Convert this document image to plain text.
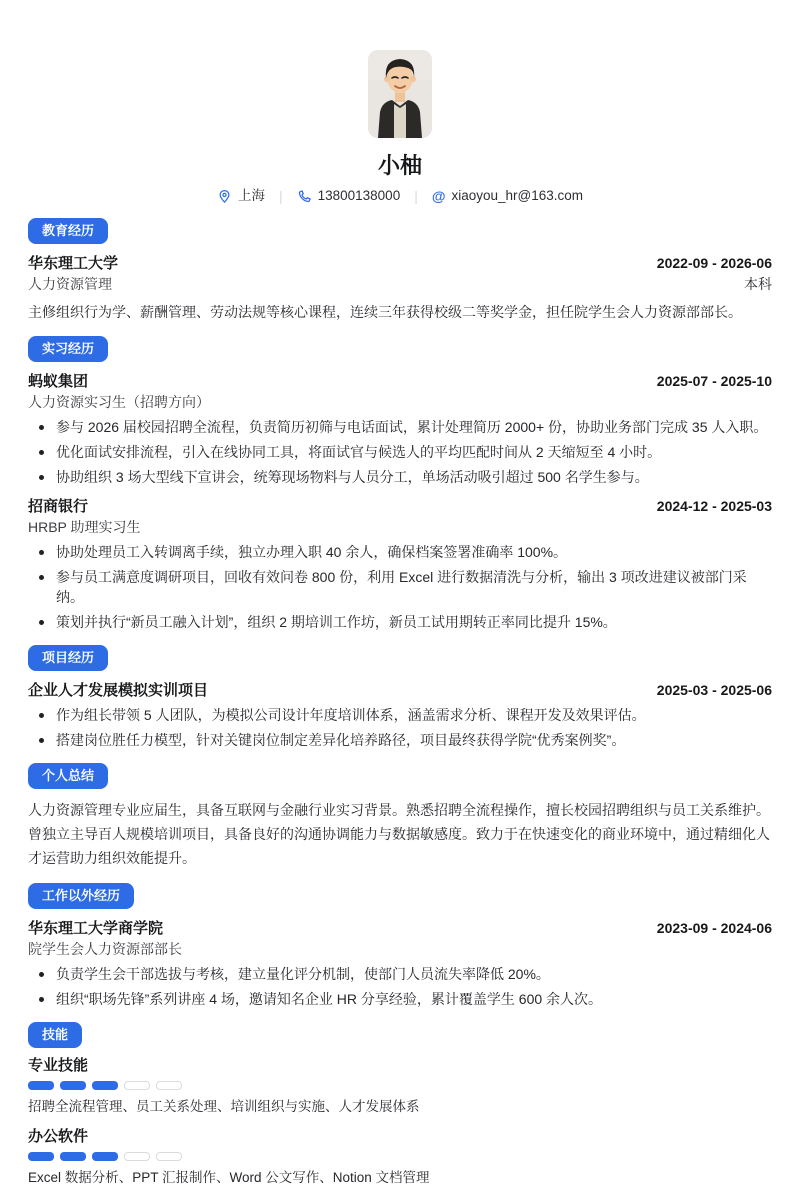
小柚
上海 |	13800138000 | @ xiaoyou_hr@163.com
教育经历
华东理工大学	2022-09 - 2026-06
人力资源管理	本科

主修组织行为学、薪酬管理、劳动法规等核心课程，连续三年获得校级二等奖学金，担任院学生会人力资源部部长。

实习经历
蚂蚁集团	2025-07 - 2025-10
人力资源实习生（招聘方向）
参与 2026 届校园招聘全流程，负责简历初筛与电话面试，累计处理简历 2000+ 份，协助业务部门完成 35 人入职。
优化面试安排流程，引入在线协同工具，将面试官与候选人的平均匹配时间从 2 天缩短至 4 小时。
协助组织 3 场大型线下宣讲会，统筹现场物料与人员分工，单场活动吸引超过 500 名学生参与。
招商银行	2024-12 - 2025-03
HRBP 助理实习生
协助处理员工入转调离手续，独立办理入职 40 余人，确保档案签署准确率 100%。
参与员工满意度调研项目，回收有效问卷 800 份，利用 Excel 进行数据清洗与分析，输出 3 项改进建议被部门采纳。
策划并执行“新员工融入计划”，组织 2 期培训工作坊，新员工试用期转正率同比提升 15%。
项目经历
企业人才发展模拟实训项目	2025-03 - 2025-06
作为组长带领 5 人团队，为模拟公司设计年度培训体系，涵盖需求分析、课程开发及效果评估。
搭建岗位胜任力模型，针对关键岗位制定差异化培养路径，项目最终获得学院“优秀案例奖”。
个人总结

人力资源管理专业应届生，具备互联网与金融行业实习背景。熟悉招聘全流程操作，擅长校园招聘组织与员工关系维护。曾独立主导百人规模培训项目，具备良好的沟通协调能力与数据敏感度。致力于在快速变化的商业环境中，通过精细化人才运营助力组织效能提升。

工作以外经历
华东理工大学商学院	2023-09 - 2024-06
院学生会人力资源部部长
负责学生会干部选拔与考核，建立量化评分机制，使部门人员流失率降低 20%。
组织“职场先锋”系列讲座 4 场，邀请知名企业 HR 分享经验，累计覆盖学生 600 余人次。
技能
专业技能
招聘全流程管理、员工关系处理、培训组织与实施、人才发展体系
办公软件
Excel 数据分析、PPT 汇报制作、Word 公文写作、Notion 文档管理
